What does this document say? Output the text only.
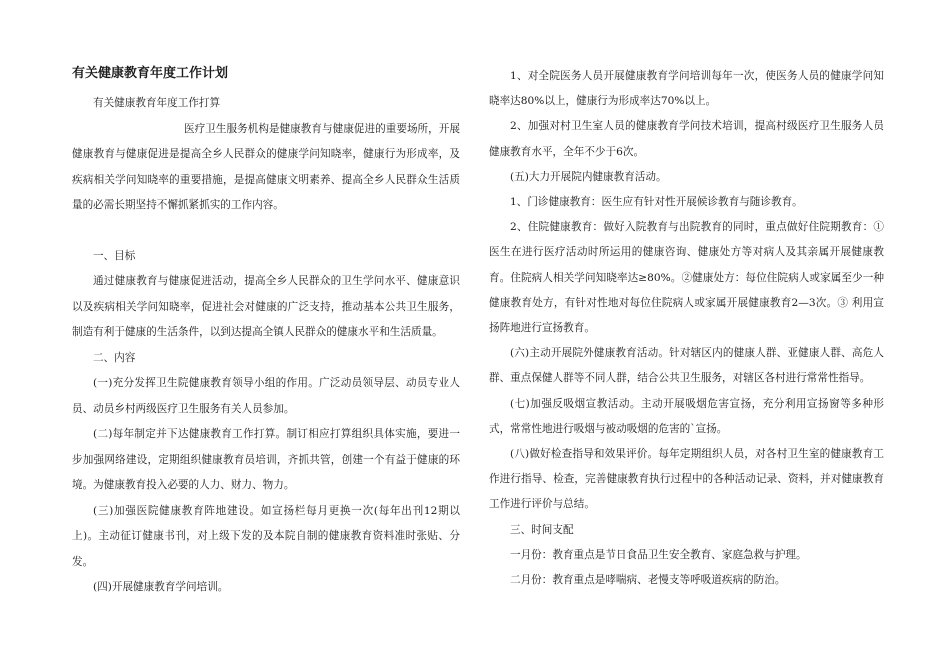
有关健康教育年度工作计划

有关健康教育年度工作打算

医疗卫生服务机构是健康教育与健康促进的重要场所，开展健康教育与健康促进是提高全乡人民群众的健康学问知晓率，健康行为形成率，及疾病相关学问知晓率的重要措施，是提高健康文明素养、提高全乡人民群众生活质量的必需长期坚持不懈抓紧抓实的工作内容。

一、目标

通过健康教育与健康促进活动，提高全乡人民群众的卫生学问水平、健康意识以及疾病相关学问知晓率，促进社会对健康的广泛支持，推动基本公共卫生服务，制造有利于健康的生活条件，以到达提高全镇人民群众的健康水平和生活质量。

二、内容

(一)充分发挥卫生院健康教育领导小组的作用。广泛动员领导层、动员专业人员、动员乡村两级医疗卫生服务有关人员参加。

(二)每年制定并下达健康教育工作打算。制订相应打算组织具体实施，要进一步加强网络建设，定期组织健康教育员培训，齐抓共管，创建一个有益于健康的环境。为健康教育投入必要的人力、财力、物力。

(三)加强医院健康教育阵地建设。如宣扬栏每月更换一次(每年出刊12期以上)。主动征订健康书刊，对上级下发的及本院自制的健康教育资料准时张贴、分发。

(四)开展健康教育学问培训。

1、对全院医务人员开展健康教育学问培训每年一次，使医务人员的健康学问知晓率达80%以上，健康行为形成率达70%以上。

2、加强对村卫生室人员的健康教育学问技术培训，提高村级医疗卫生服务人员健康教育水平，全年不少于6次。

(五)大力开展院内健康教育活动。

1、门诊健康教育：医生应有针对性开展候诊教育与随诊教育。

2、住院健康教育：做好入院教育与出院教育的同时，重点做好住院期教育：①医生在进行医疗活动时所运用的健康咨询、健康处方等对病人及其亲属开展健康教育。住院病人相关学问知晓率达≥80%。②健康处方：每位住院病人或家属至少一种健康教育处方，有针对性地对每位住院病人或家属开展健康教育2—3次。③ 利用宣扬阵地进行宣扬教育。

(六)主动开展院外健康教育活动。针对辖区内的健康人群、亚健康人群、高危人群、重点保健人群等不同人群，结合公共卫生服务，对辖区各村进行常常性指导。

(七)加强反吸烟宣教活动。主动开展吸烟危害宣扬，充分利用宣扬窗等多种形式，常常性地进行吸烟与被动吸烟的危害的`宣扬。

(八)做好检查指导和效果评价。每年定期组织人员，对各村卫生室的健康教育工作进行指导、检查，完善健康教育执行过程中的各种活动记录、资料，并对健康教育工作进行评价与总结。

三、时间支配

一月份：教育重点是节日食品卫生安全教育、家庭急救与护理。

二月份：教育重点是哮喘病、老慢支等呼吸道疾病的防治。
